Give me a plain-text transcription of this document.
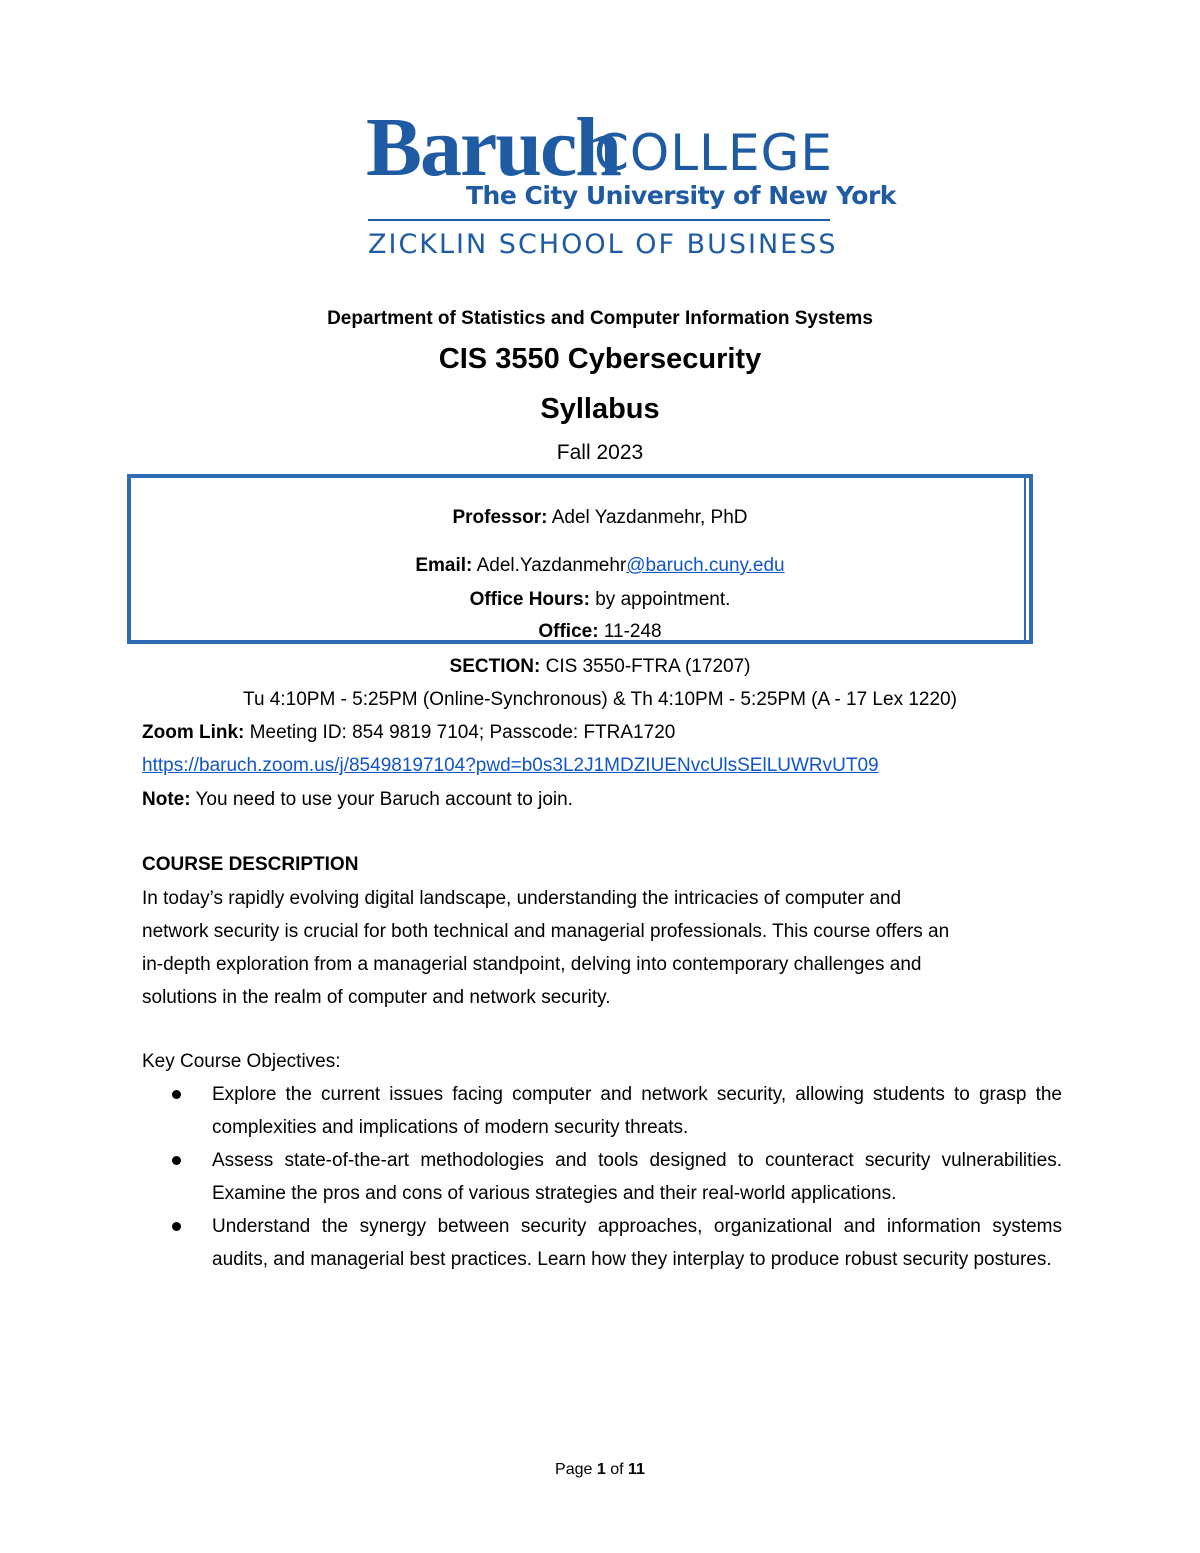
Baruch
COLLEGE
The City University of New York
ZICKLIN SCHOOL OF BUSINESS
Department of Statistics and Computer Information Systems
CIS 3550 Cybersecurity
Syllabus
Fall 2023
Professor: Adel Yazdanmehr, PhD
Email: Adel.Yazdanmehr@baruch.cuny.edu
Office Hours: by appointment.
Office: 11-248
SECTION: CIS 3550-FTRA (17207)
Tu 4:10PM - 5:25PM (Online-Synchronous) & Th 4:10PM - 5:25PM (A - 17 Lex 1220)
Zoom Link: Meeting ID: 854 9819 7104; Passcode: FTRA1720
https://baruch.zoom.us/j/85498197104?pwd=b0s3L2J1MDZIUENvcUlsSElLUWRvUT09
Note: You need to use your Baruch account to join.
COURSE DESCRIPTION
In today’s rapidly evolving digital landscape, understanding the intricacies of computer and
network security is crucial for both technical and managerial professionals. This course offers an
in-depth exploration from a managerial standpoint, delving into contemporary challenges and
solutions in the realm of computer and network security.
Key Course Objectives:
Explore the current issues facing computer and network security, allowing students to grasp the complexities and implications of modern security threats.
Assess state-of-the-art methodologies and tools designed to counteract security vulnerabilities. Examine the pros and cons of various strategies and their real-world applications.
Understand the synergy between security approaches, organizational and information systems audits, and managerial best practices. Learn how they interplay to produce robust security postures.
Page 1 of 11
